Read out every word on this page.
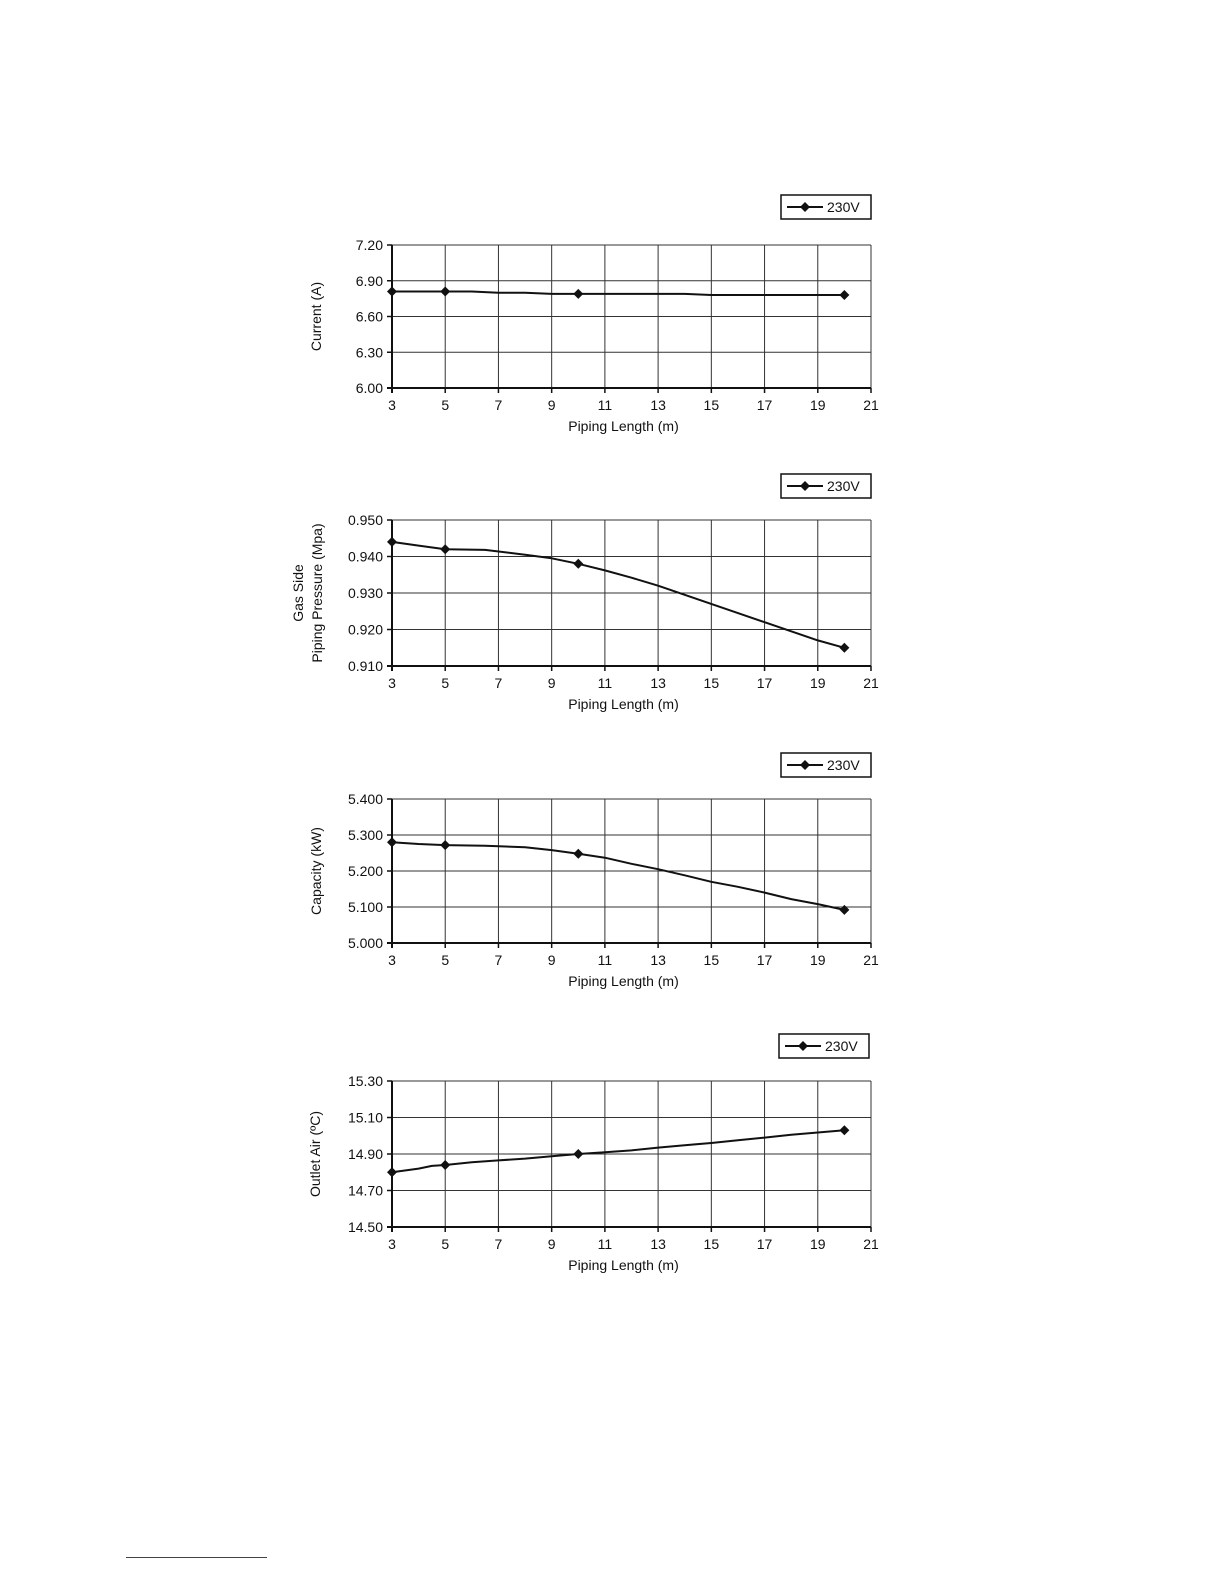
3	5	7	9	11	13	15	17	19	21
6.00
6.30
6.60
6.90
7.20
Piping Length (m)
Current (A)
230V
3	5	7	9	11	13	15	17	19	21
0.910
0.920
0.930
0.940
0.950
Piping Length (m)
Gas Side Piping Pressure (Mpa)
230V
3	5	7	9	11	13	15	17	19	21
5.000
5.100
5.200
5.300
5.400
Piping Length (m)
Capacity (kW)
230V
3	5	7	9	11	13	15	17	19	21
14.50
14.70
14.90
15.10
15.30
Piping Length (m)
Outlet Air (ºC)
230V
